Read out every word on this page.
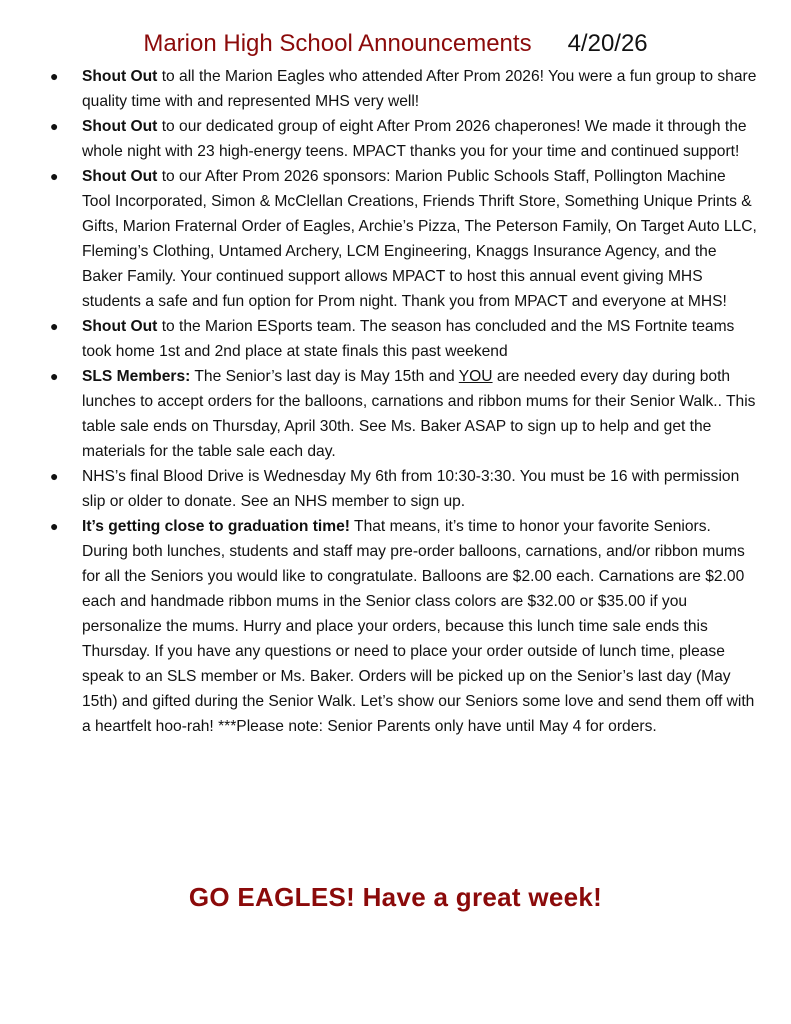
Marion High School Announcements 4/20/26
● Shout Out to all the Marion Eagles who attended After Prom 2026! You were a fun group to share quality time with and represented MHS very well!
● Shout Out to our dedicated group of eight After Prom 2026 chaperones! We made it through the whole night with 23 high-energy teens. MPACT thanks you for your time and continued support!
● Shout Out to our After Prom 2026 sponsors: Marion Public Schools Staff, Pollington Machine Tool Incorporated, Simon & McClellan Creations, Friends Thrift Store, Something Unique Prints & Gifts, Marion Fraternal Order of Eagles, Archie’s Pizza, The Peterson Family, On Target Auto LLC, Fleming’s Clothing, Untamed Archery, LCM Engineering, Knaggs Insurance Agency, and the Baker Family. Your continued support allows MPACT to host this annual event giving MHS students a safe and fun option for Prom night. Thank you from MPACT and everyone at MHS!
● Shout Out to the Marion ESports team. The season has concluded and the MS Fortnite teams took home 1st and 2nd place at state finals this past weekend
● SLS Members: The Senior’s last day is May 15th and YOU are needed every day during both lunches to accept orders for the balloons, carnations and ribbon mums for their Senior Walk.. This table sale ends on Thursday, April 30th. See Ms. Baker ASAP to sign up to help and get the materials for the table sale each day.
● NHS’s final Blood Drive is Wednesday My 6th from 10:30-3:30. You must be 16 with permission slip or older to donate. See an NHS member to sign up.
● It’s getting close to graduation time! That means, it’s time to honor your favorite Seniors. During both lunches, students and staff may pre-order balloons, carnations, and/or ribbon mums for all the Seniors you would like to congratulate. Balloons are $2.00 each. Carnations are $2.00 each and handmade ribbon mums in the Senior class colors are $32.00 or $35.00 if you personalize the mums. Hurry and place your orders, because this lunch time sale ends this Thursday. If you have any questions or need to place your order outside of lunch time, please speak to an SLS member or Ms. Baker. Orders will be picked up on the Senior’s last day (May 15th) and gifted during the Senior Walk. Let’s show our Seniors some love and send them off with a heartfelt hoo-rah! ***Please note: Senior Parents only have until May 4 for orders.
GO EAGLES! Have a great week!
